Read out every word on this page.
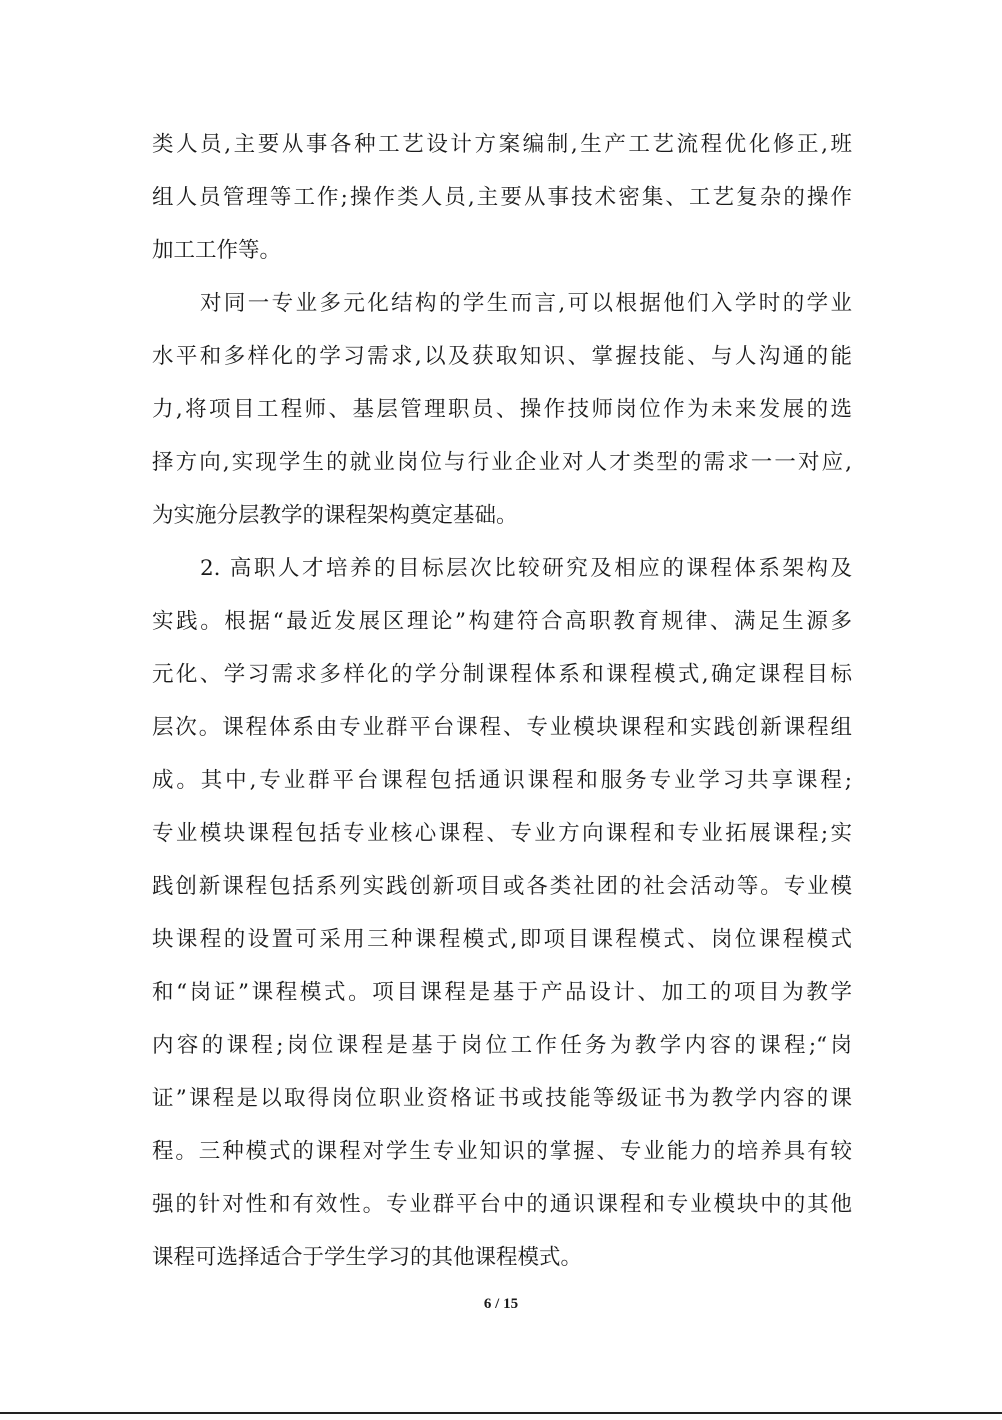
类人员,主要从事各种工艺设计方案编制,生产工艺流程优化修正,班
组人员管理等工作;操作类人员,主要从事技术密集、工艺复杂的操作
加工工作等。
对同一专业多元化结构的学生而言,可以根据他们入学时的学业
水平和多样化的学习需求,以及获取知识、掌握技能、与人沟通的能
力,将项目工程师、基层管理职员、操作技师岗位作为未来发展的选
择方向,实现学生的就业岗位与行业企业对人才类型的需求一一对应,
为实施分层教学的课程架构奠定基础。
2. 高职人才培养的目标层次比较研究及相应的课程体系架构及
实践。根据“最近发展区理论”构建符合高职教育规律、满足生源多
元化、学习需求多样化的学分制课程体系和课程模式,确定课程目标
层次。课程体系由专业群平台课程、专业模块课程和实践创新课程组
成。其中,专业群平台课程包括通识课程和服务专业学习共享课程;
专业模块课程包括专业核心课程、专业方向课程和专业拓展课程;实
践创新课程包括系列实践创新项目或各类社团的社会活动等。专业模
块课程的设置可采用三种课程模式,即项目课程模式、岗位课程模式
和“岗证”课程模式。项目课程是基于产品设计、加工的项目为教学
内容的课程;岗位课程是基于岗位工作任务为教学内容的课程;“岗
证”课程是以取得岗位职业资格证书或技能等级证书为教学内容的课
程。三种模式的课程对学生专业知识的掌握、专业能力的培养具有较
强的针对性和有效性。专业群平台中的通识课程和专业模块中的其他
课程可选择适合于学生学习的其他课程模式。
6 / 15
